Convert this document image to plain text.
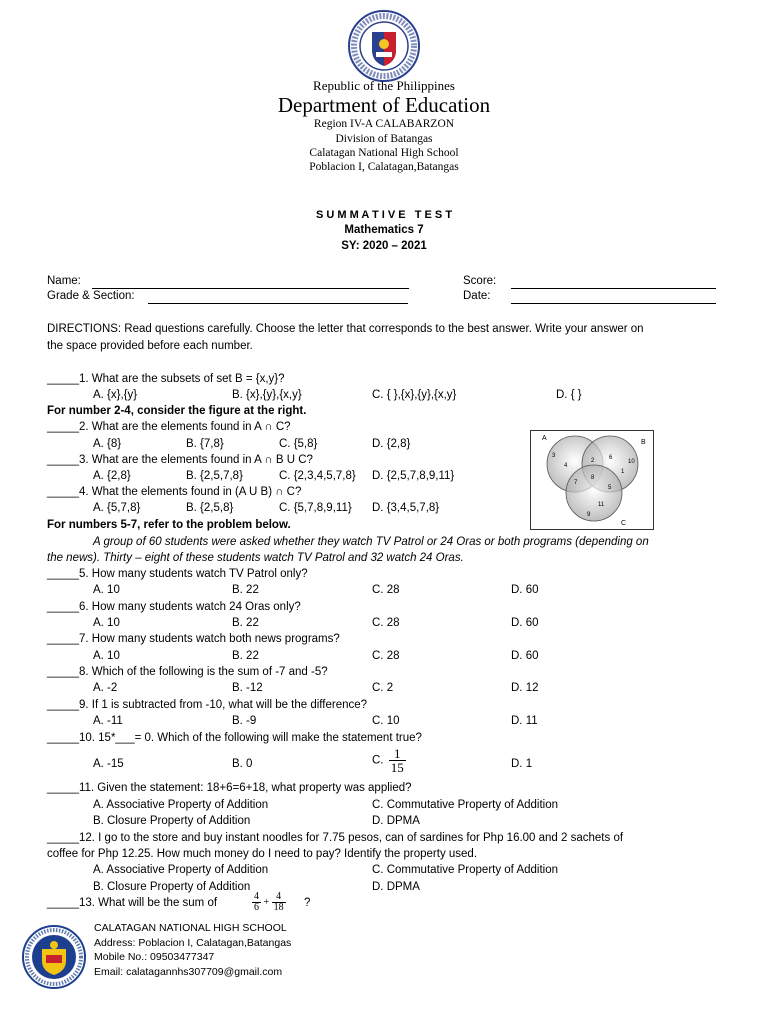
Republic of the Philippines
Department of Education
Region IV-A CALABARZON
Division of Batangas
Calatagan National High School
Poblacion I, Calatagan,Batangas
S U M M A T I V E   T E S T
Mathematics 7
SY: 2020 – 2021
Name:	Score:
Grade & Section:	Date:
DIRECTIONS: Read questions carefully. Choose the letter that corresponds to the best answer. Write your answer on
the space provided before each number.
_____1. What are the subsets of set B = {x,y}?
A. {x},{y}	B. {x},{y},{x,y}	C. { },{x},{y},{x,y}	D. { }
For number 2-4, consider the figure at the right.
_____2. What are the elements found in A ∩ C?
A. {8}	B. {7,8}	C. {5,8}	D. {2,8}
_____3. What are the elements found in A ∩ B U C?
A. {2,8}	B. {2,5,7,8}	C. {2,3,4,5,7,8} D. {2,5,7,8,9,11}
_____4. What the elements found in (A U B) ∩ C?
A. {5,7,8}	B. {2,5,8}	C. {5,7,8,9,11} D. {3,4,5,7,8}
A
B
C
3
4
2 6
10
1
8
7
5
11
9
For numbers 5-7, refer to the problem below.
A group of 60 students were asked whether they watch TV Patrol or 24 Oras or both programs (depending on
the news). Thirty – eight of these students watch TV Patrol and 32 watch 24 Oras.
_____5. How many students watch TV Patrol only?
A. 10	B. 22	C. 28	D. 60
_____6. How many students watch 24 Oras only?
A. 10	B. 22	C. 28	D. 60
_____7. How many students watch both news programs?
A. 10	B. 22	C. 28	D. 60
_____8. Which of the following is the sum of -7 and -5?
A. -2	B. -12	C. 2	D. 12
_____9. If 1 is subtracted from -10, what will be the difference?
A. -11	B. -9	C. 10	D. 11
_____10. 15*___= 0. Which of the following will make the statement true?
A. -15	B. 0	C. $\frac{1}{15}$	D. 1
_____11. Given the statement: 18+6=6+18, what property was applied?
A. Associative Property of Addition	C. Commutative Property of Addition
B. Closure Property of Addition	D. DPMA
_____12. I go to the store and buy instant noodles for 7.75 pesos, can of sardines for Php 16.00 and 2 sachets of
coffee for Php 12.25. How much money do I need to pay? Identify the property used.
A. Associative Property of Addition	C. Commutative Property of Addition
B. Closure Property of Addition	D. DPMA
_____13. What will be the sum of	$\frac{4}{6} + \frac{4}{18}$ ?
CALATAGAN NATIONAL HIGH SCHOOL
Address: Poblacion I, Calatagan,Batangas
Mobile No.: 09503477347
Email: calatagannhs307709@gmail.com
